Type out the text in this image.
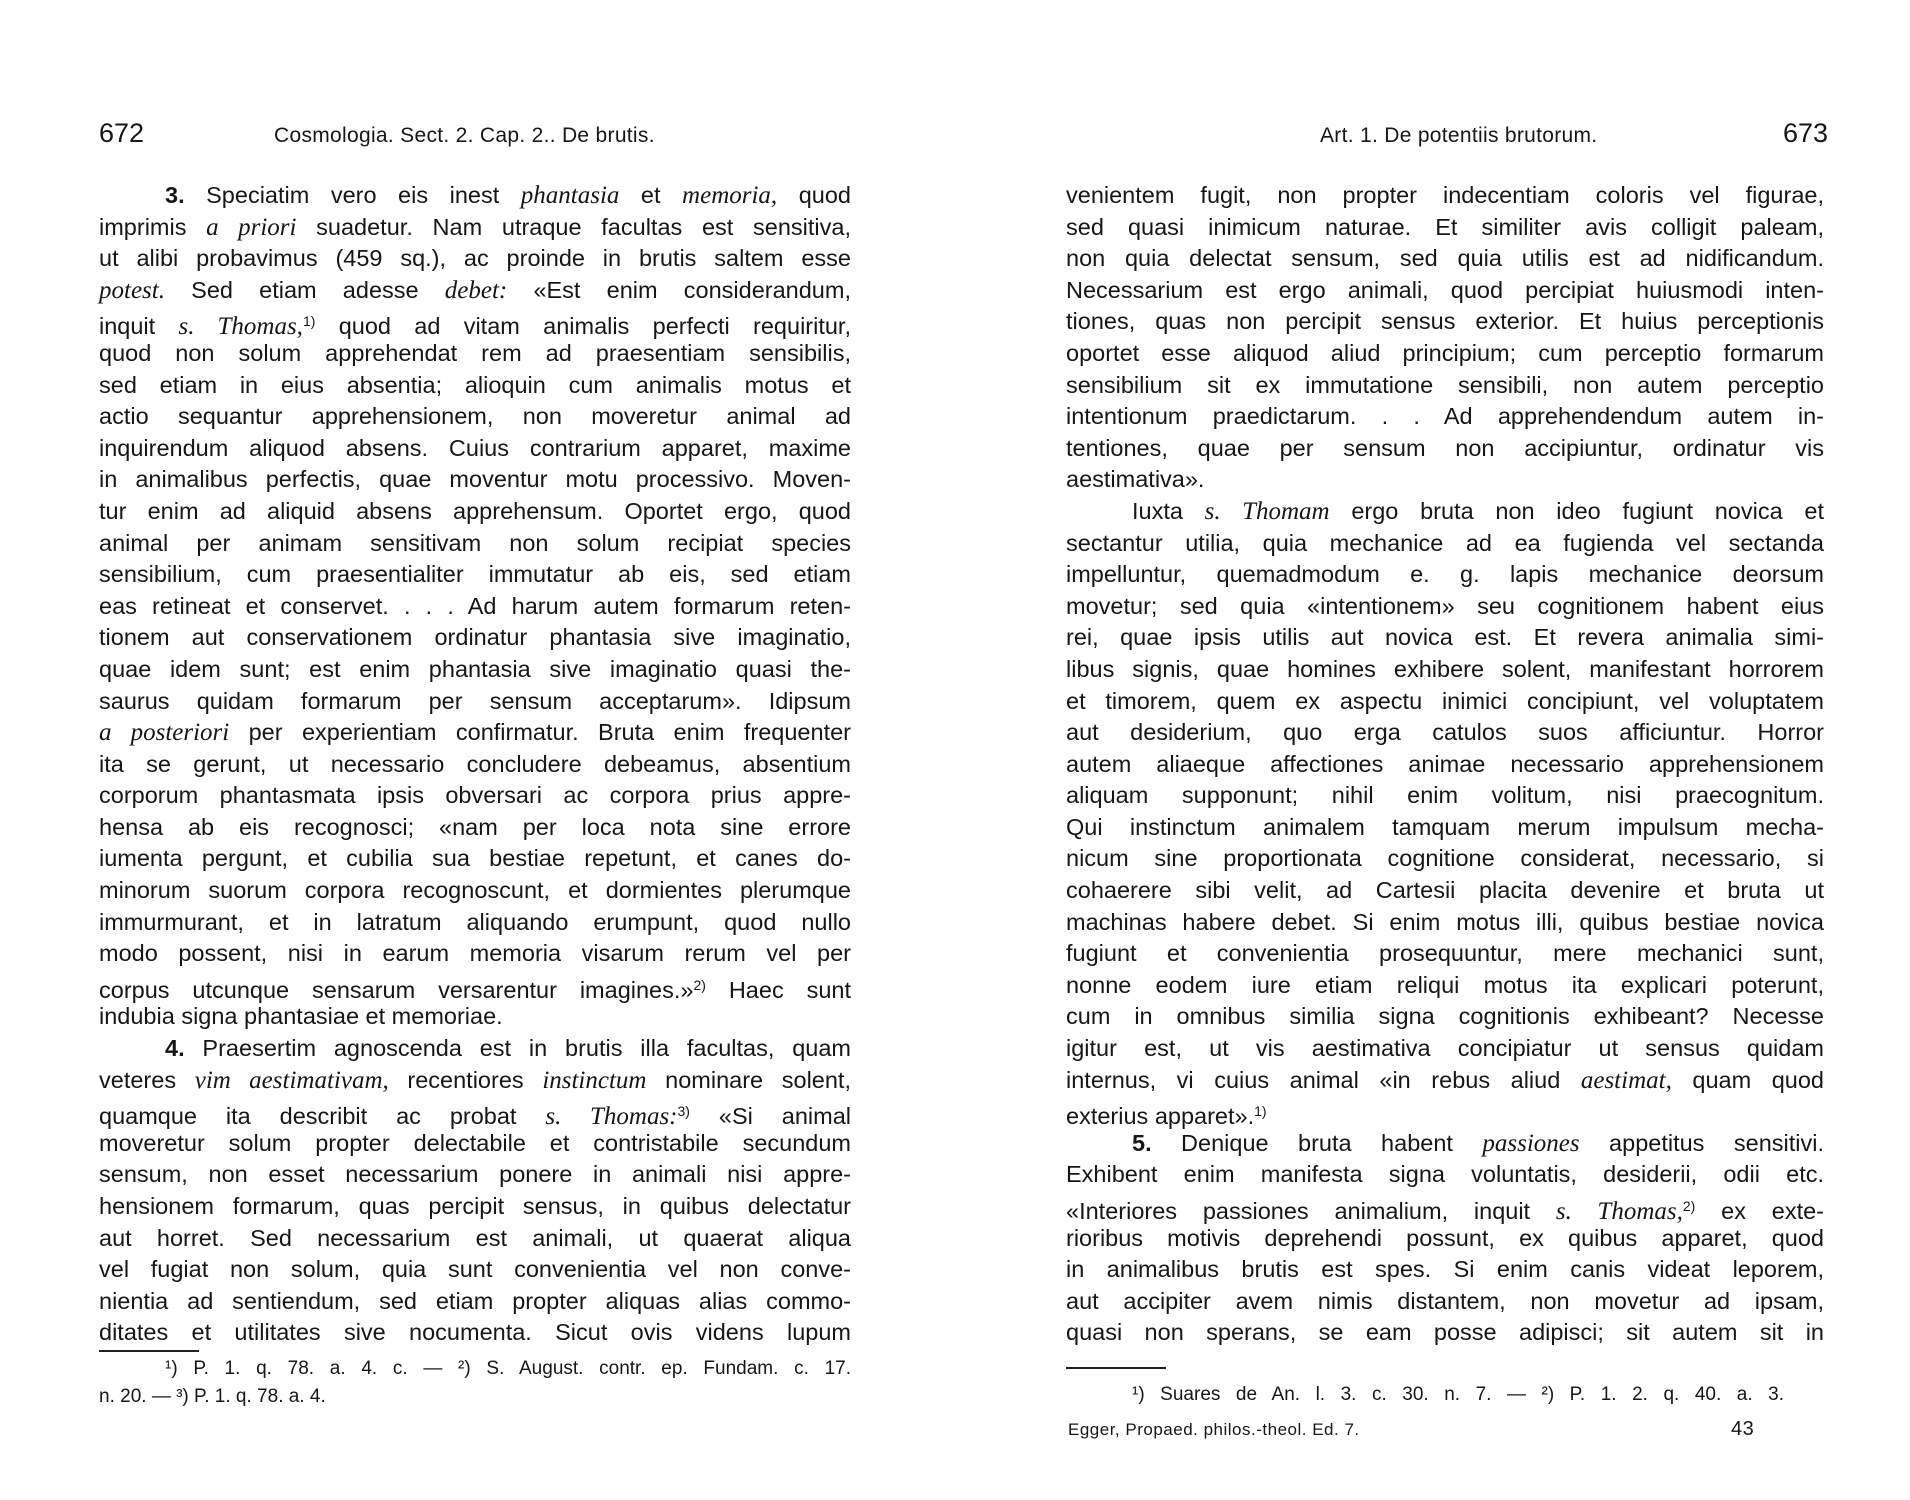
672	Cosmologia. Sect. 2. Cap. 2.. De brutis.
3. Speciatim vero eis inest phantasia et memoria, quod
imprimis a priori suadetur. Nam utraque facultas est sensitiva,
ut alibi probavimus (459 sq.), ac proinde in brutis saltem esse
potest. Sed etiam adesse debet: «Est enim considerandum,
inquit s. Thomas,$^{1)}$ quod ad vitam animalis perfecti requiritur,
quod non solum apprehendat rem ad praesentiam sensibilis,
sed etiam in eius absentia; alioquin cum animalis motus et
actio sequantur apprehensionem, non moveretur animal ad
inquirendum aliquod absens. Cuius contrarium apparet, maxime
in animalibus perfectis, quae moventur motu processivo. Moven-
tur enim ad aliquid absens apprehensum. Oportet ergo, quod
animal per animam sensitivam non solum recipiat species
sensibilium, cum praesentialiter immutatur ab eis, sed etiam
eas retineat et conservet. . . . Ad harum autem formarum reten-
tionem aut conservationem ordinatur phantasia sive imaginatio,
quae idem sunt; est enim phantasia sive imaginatio quasi the-
saurus quidam formarum per sensum acceptarum». Idipsum
a posteriori per experientiam confirmatur. Bruta enim frequenter
ita se gerunt, ut necessario concludere debeamus, absentium
corporum phantasmata ipsis obversari ac corpora prius appre-
hensa ab eis recognosci; «nam per loca nota sine errore
iumenta pergunt, et cubilia sua bestiae repetunt, et canes do-
minorum suorum corpora recognoscunt, et dormientes plerumque
immurmurant, et in latratum aliquando erumpunt, quod nullo
modo possent, nisi in earum memoria visarum rerum vel per
corpus utcunque sensarum versarentur imagines.»$^{2)}$ Haec sunt
indubia signa phantasiae et memoriae.
4. Praesertim agnoscenda est in brutis illa facultas, quam
veteres vim aestimativam, recentiores instinctum nominare solent,
quamque ita describit ac probat s. Thomas:$^{3)}$ «Si animal
moveretur solum propter delectabile et contristabile secundum
sensum, non esset necessarium ponere in animali nisi appre-
hensionem formarum, quas percipit sensus, in quibus delectatur
aut horret. Sed necessarium est animali, ut quaerat aliqua
vel fugiat non solum, quia sunt convenientia vel non conve-
nientia ad sentiendum, sed etiam propter aliquas alias commo-
ditates et utilitates sive nocumenta. Sicut ovis videns lupum
¹) P. 1. q. 78. a. 4. c. — ²) S. August. contr. ep. Fundam. c. 17.
n. 20. — ³) P. 1. q. 78. a. 4.
Art. 1. De potentiis brutorum.	673
venientem fugit, non propter indecentiam coloris vel figurae,
sed quasi inimicum naturae. Et similiter avis colligit paleam,
non quia delectat sensum, sed quia utilis est ad nidificandum.
Necessarium est ergo animali, quod percipiat huiusmodi inten-
tiones, quas non percipit sensus exterior. Et huius perceptionis
oportet esse aliquod aliud principium; cum perceptio formarum
sensibilium sit ex immutatione sensibili, non autem perceptio
intentionum praedictarum. . . Ad apprehendendum autem in-
tentiones, quae per sensum non accipiuntur, ordinatur vis
aestimativa».
Iuxta s. Thomam ergo bruta non ideo fugiunt novica et
sectantur utilia, quia mechanice ad ea fugienda vel sectanda
impelluntur, quemadmodum e. g. lapis mechanice deorsum
movetur; sed quia «intentionem» seu cognitionem habent eius
rei, quae ipsis utilis aut novica est. Et revera animalia simi-
libus signis, quae homines exhibere solent, manifestant horrorem
et timorem, quem ex aspectu inimici concipiunt, vel voluptatem
aut desiderium, quo erga catulos suos afficiuntur. Horror
autem aliaeque affectiones animae necessario apprehensionem
aliquam supponunt; nihil enim volitum, nisi praecognitum.
Qui instinctum animalem tamquam merum impulsum mecha-
nicum sine proportionata cognitione considerat, necessario, si
cohaerere sibi velit, ad Cartesii placita devenire et bruta ut
machinas habere debet. Si enim motus illi, quibus bestiae novica
fugiunt et convenientia prosequuntur, mere mechanici sunt,
nonne eodem iure etiam reliqui motus ita explicari poterunt,
cum in omnibus similia signa cognitionis exhibeant? Necesse
igitur est, ut vis aestimativa concipiatur ut sensus quidam
internus, vi cuius animal «in rebus aliud aestimat, quam quod
exterius apparet».$^{1)}$
5. Denique bruta habent passiones appetitus sensitivi.
Exhibent enim manifesta signa voluntatis, desiderii, odii etc.
«Interiores passiones animalium, inquit s. Thomas,$^{2)}$ ex exte-
rioribus motivis deprehendi possunt, ex quibus apparet, quod
in animalibus brutis est spes. Si enim canis videat leporem,
aut accipiter avem nimis distantem, non movetur ad ipsam,
quasi non sperans, se eam posse adipisci; sit autem sit in
¹) Suares de An. l. 3. c. 30. n. 7. — ²) P. 1. 2. q. 40. a. 3.
Egger, Propaed. philos.-theol. Ed. 7.	43
